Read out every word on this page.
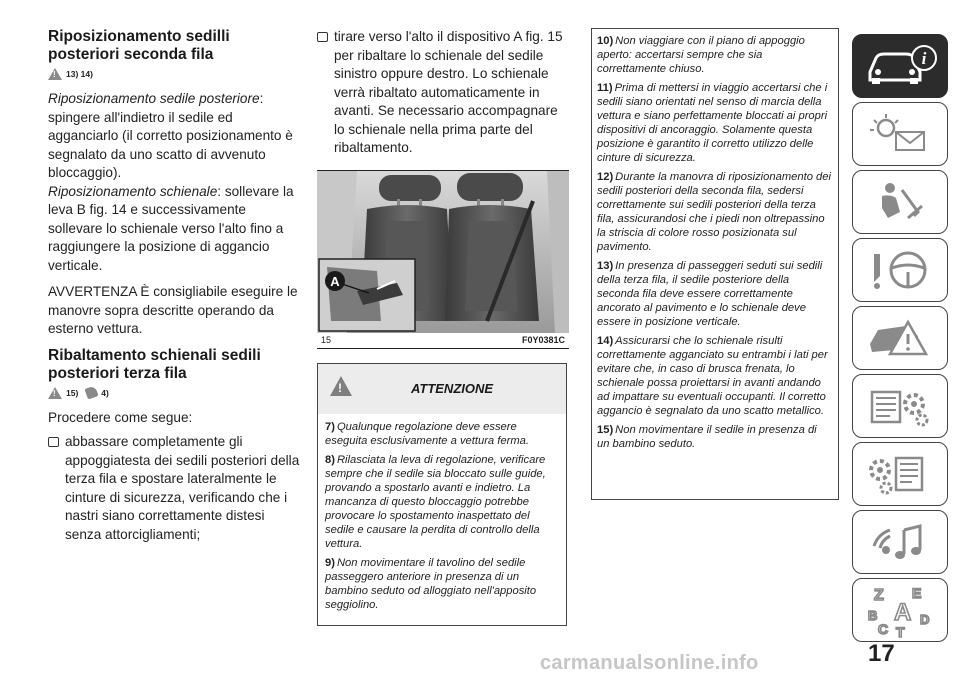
Riposizionamento sedilli posteriori seconda fila
!
13) 14)

Riposizionamento sedile posteriore: spingere all'indietro il sedile ed agganciarlo (il corretto posizionamento è segnalato da uno scatto di avvenuto bloccaggio).

Riposizionamento schienale: sollevare la leva B fig. 14 e successivamente sollevare lo schienale verso l'alto fino a raggiungere la posizione di aggancio verticale.

AVVERTENZA È consigliabile eseguire le manovre sopra descritte operando da esterno vettura.

Ribaltamento schienali sedili posteriori terza fila
!
15)	4)

Procedere come segue:

abbassare completamente gli appoggiatesta dei sedili posteriori della terza fila e spostare lateralmente le cinture di sicurezza, verificando che i nastri siano correttamente distesi senza attorcigliamenti;
tirare verso l'alto il dispositivo A fig. 15 per ribaltare lo schienale del sedile sinistro oppure destro. Lo schienale verrà ribaltato automaticamente in avanti. Se necessario accompagnare lo schienale nella prima parte del ribaltamento.
A
15	F0Y0381C
!	ATTENZIONE

7) Qualunque regolazione deve essere eseguita esclusivamente a vettura ferma.

8) Rilasciata la leva di regolazione, verificare sempre che il sedile sia bloccato sulle guide, provando a spostarlo avanti e indietro. La mancanza di questo bloccaggio potrebbe provocare lo spostamento inaspettato del sedile e causare la perdita di controllo della vettura.

9) Non movimentare il tavolino del sedile passeggero anteriore in presenza di un bambino seduto od alloggiato nell'apposito seggiolino.

10) Non viaggiare con il piano di appoggio aperto: accertarsi sempre che sia correttamente chiuso.

11) Prima di mettersi in viaggio accertarsi che i sedili siano orientati nel senso di marcia della vettura e siano perfettamente bloccati ai propri dispositivi di ancoraggio. Solamente questa posizione è garantito il corretto utilizzo delle cinture di sicurezza.

12) Durante la manovra di riposizionamento dei sedili posteriori della seconda fila, sedersi correttamente sui sedili posteriori della terza fila, assicurandosi che i piedi non oltrepassino la striscia di colore rosso posizionata sul pavimento.

13) In presenza di passeggeri seduti sui sedili della terza fila, il sedile posteriore della seconda fila deve essere correttamente ancorato al pavimento e lo schienale deve essere in posizione verticale.

14) Assicurarsi che lo schienale risulti correttamente agganciato su entrambi i lati per evitare che, in caso di brusca frenata, lo schienale possa proiettarsi in avanti andando ad impattare su eventuali occupanti. Il corretto aggancio è segnalato da uno scatto metallico.

15) Non movimentare il sedile in presenza di un bambino seduto.

i
Z E
B A D
C T
17
carmanualsonline.info
